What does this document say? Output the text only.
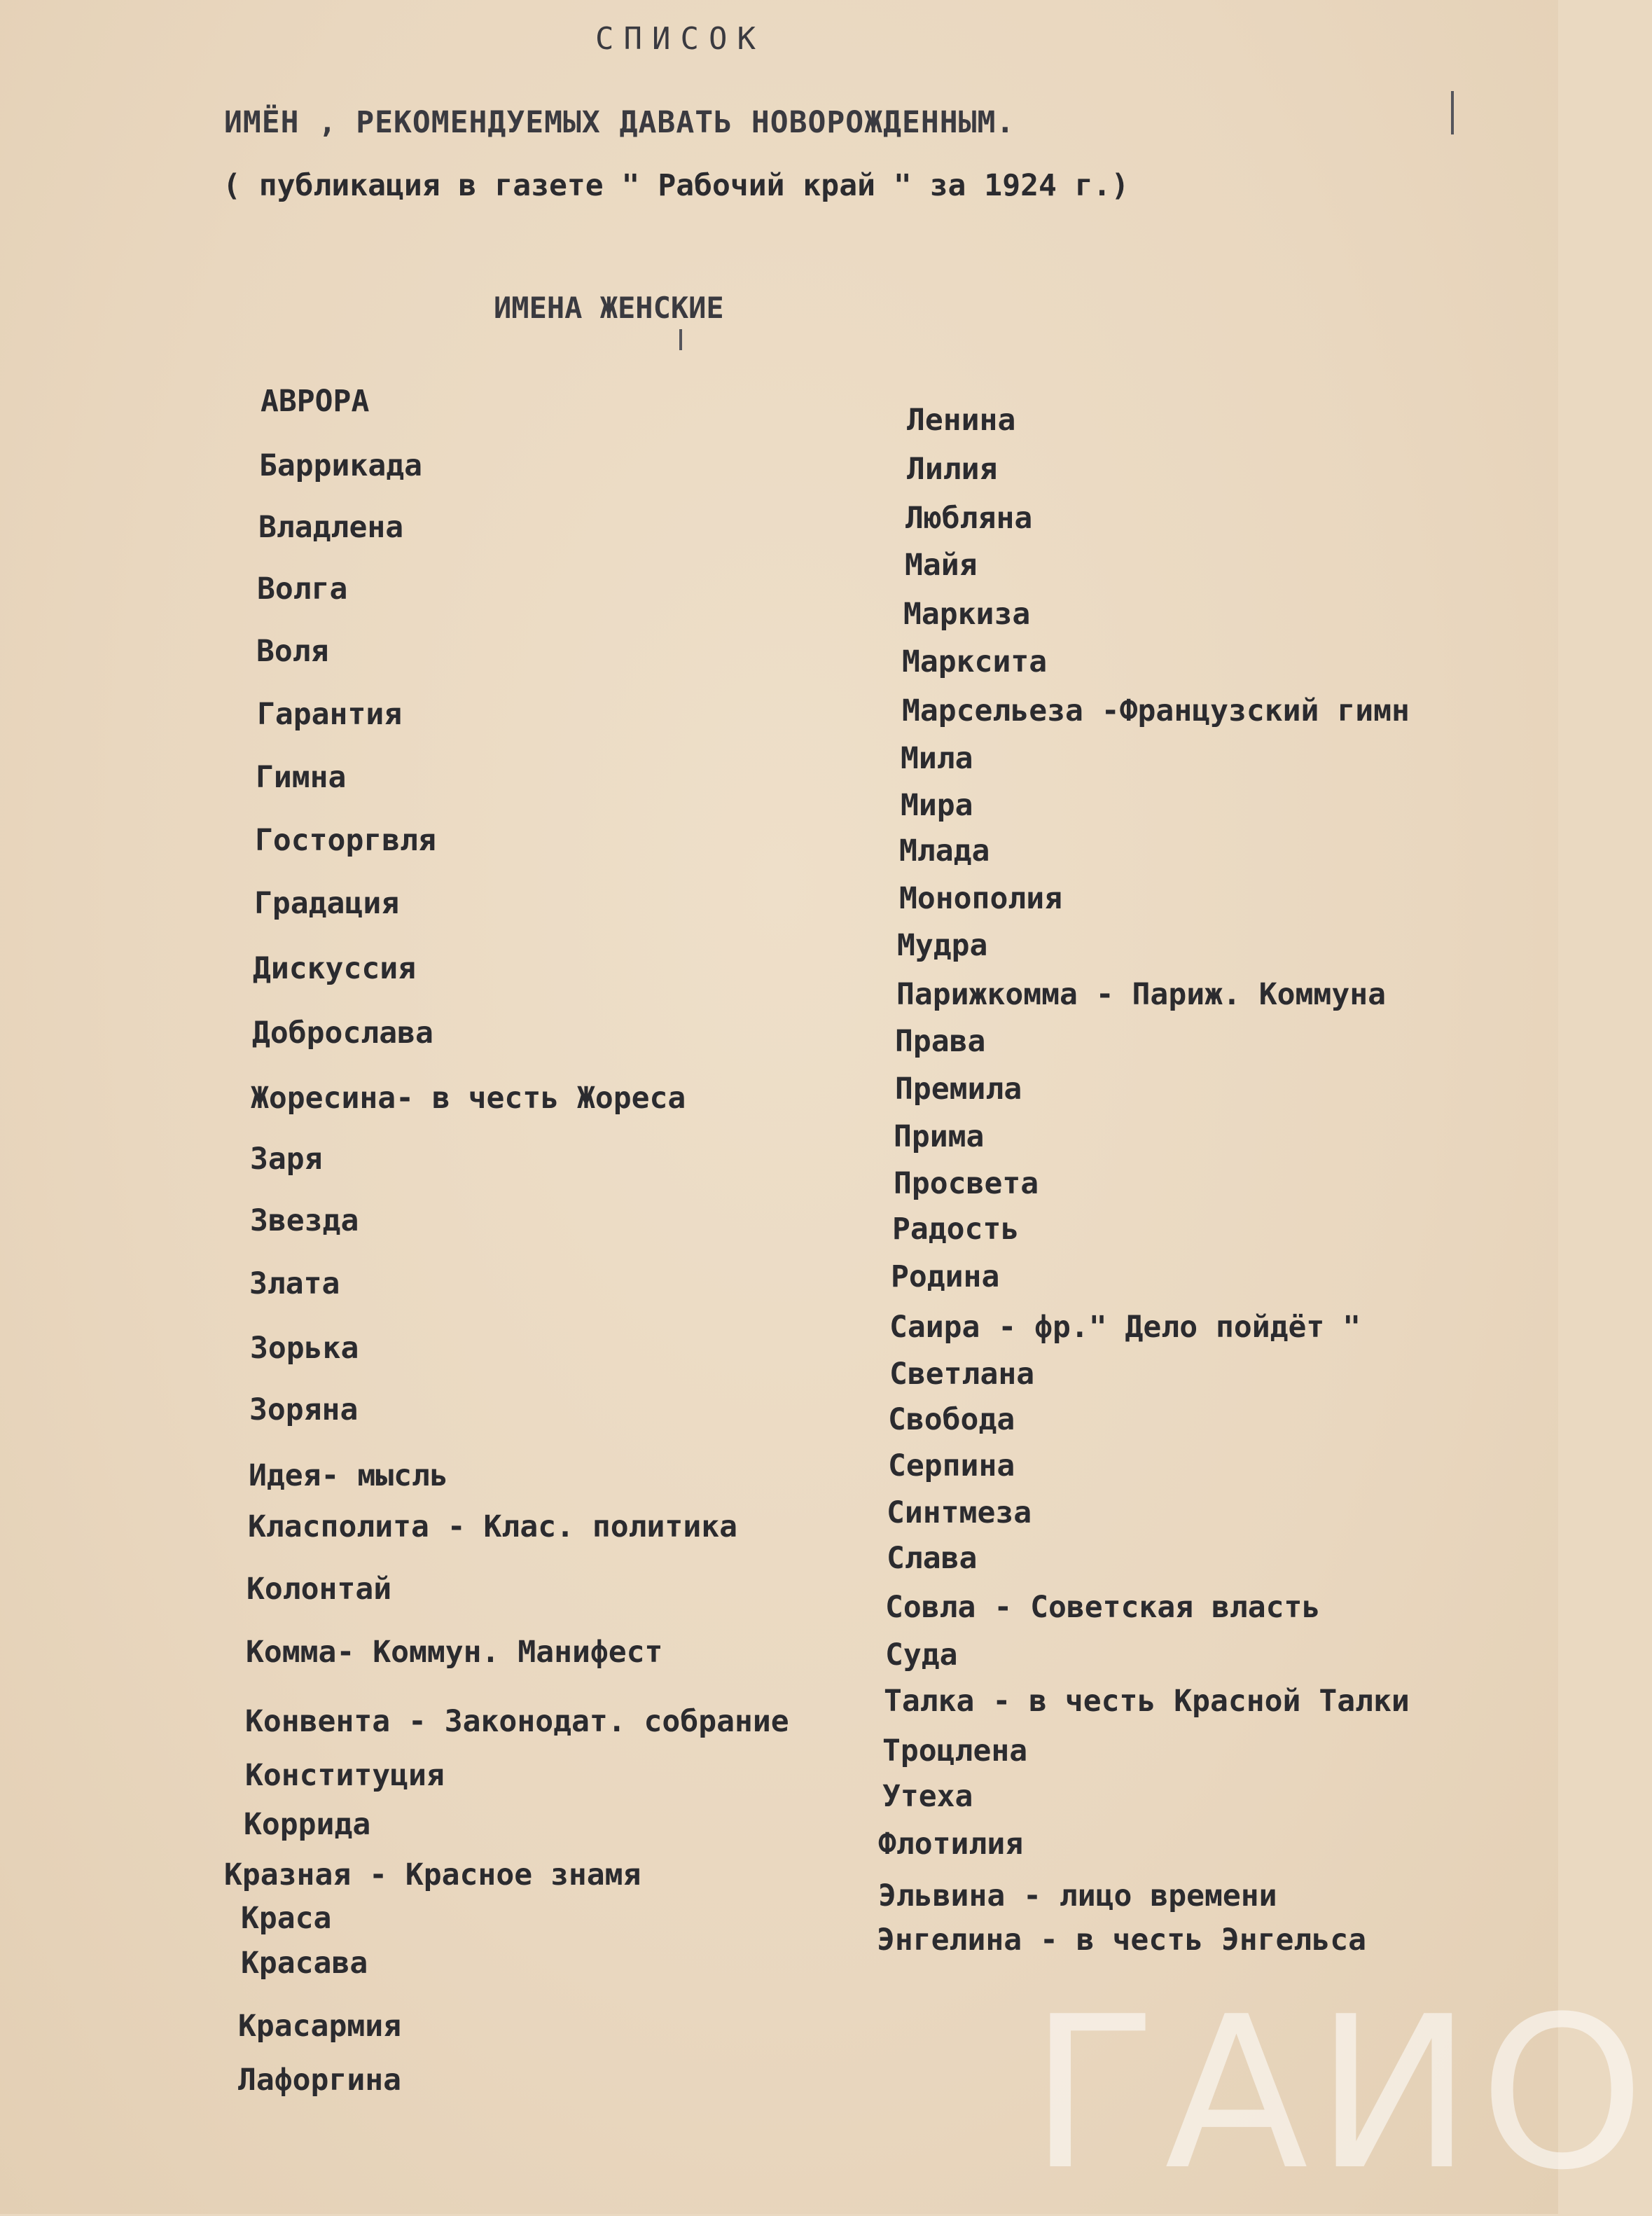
СПИСОК
ИМЁН , РЕКОМЕНДУЕМЫХ ДАВАТЬ НОВОРОЖДЕННЫМ.
( публикация в газете " Рабочий край " за 1924 г.)
ИМЕНА ЖЕНСКИЕ
АВРОРА
Баррикада
Владлена
Волга
Воля
Гарантия
Гимна
Госторгвля
Градация
Дискуссия
Доброслава
Жоресина- в честь Жореса
Заря
Звезда
Злата
Зорька
Зоряна
Идея- мысль
Класполита - Клас. политика
Колонтай
Комма- Коммун. Манифест
Конвента - Законодат. собрание
Конституция
Коррида
Кразная - Красное знамя
Краса
Красава
Красармия
Лафоргина
Ленина
Лилия
Любляна
Майя
Маркиза
Марксита
Марсельеза -Французский гимн
Мила
Мира
Млада
Монополия
Мудра
Парижкомма - Париж. Коммуна
Права
Премила
Прима
Просвета
Радость
Родина
Саира - фр." Дело пойдёт "
Светлана
Свобода
Серпина
Синтмеза
Слава
Совла - Советская власть
Суда
Талка - в честь Красной Талки
Троцлена
Утеха
Флотилия
Эльвина - лицо времени
Энгелина - в честь Энгельса
ГАИО
